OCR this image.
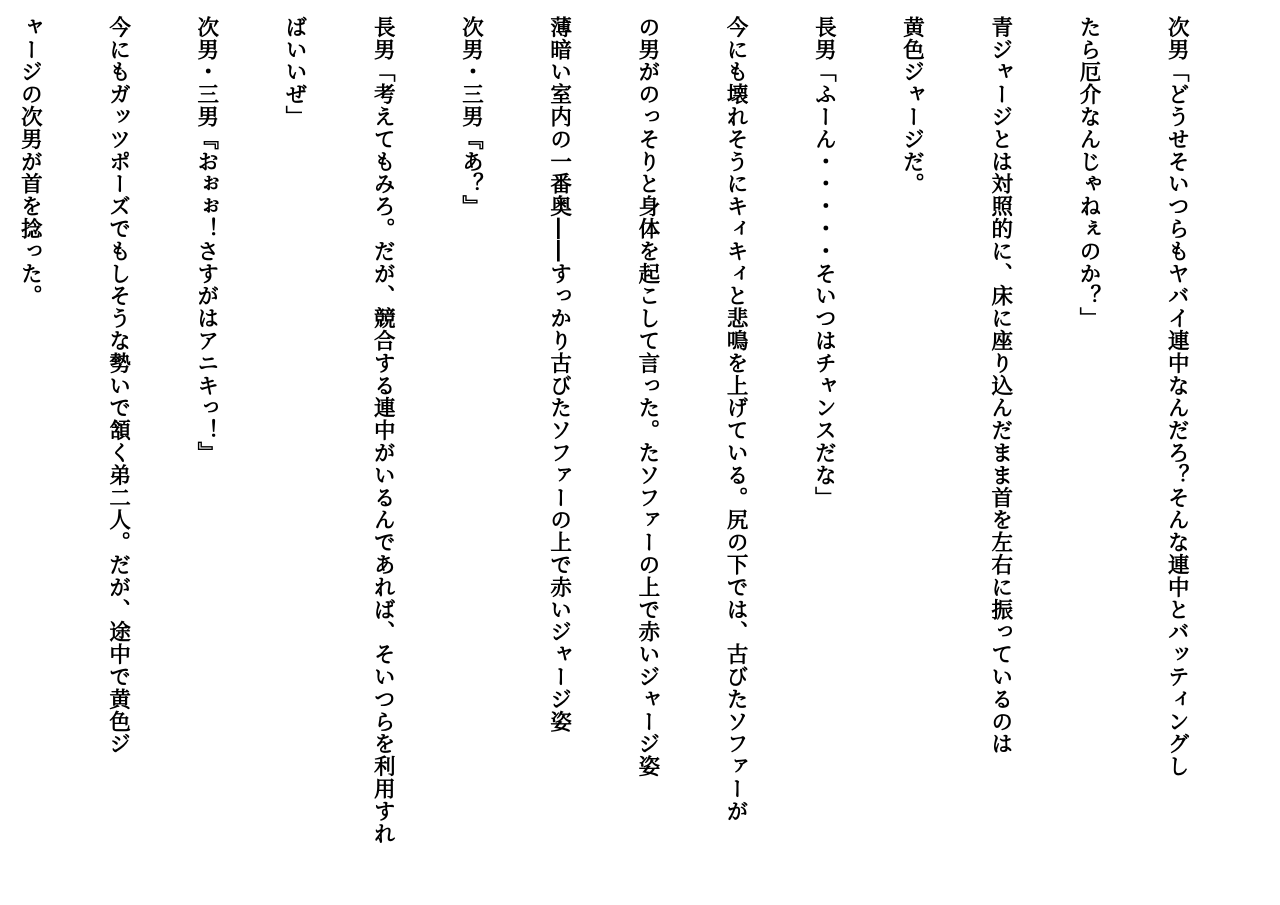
次男「どうせそいつらもヤバイ連中なんだろ？そんな連中とバッティングし

たら厄介なんじゃねぇのか？」

青ジャージとは対照的に、床に座り込んだまま首を左右に振っているのは

黄色ジャージだ。

長男「ふーん・・・・・そいつはチャンスだな」

今にも壊れそうにキィキィと悲鳴を上げている。尻の下では、古びたソファーが

の男がのっそりと身体を起こして言った。たソファーの上で赤いジャージ姿

薄暗い室内の一番奥――すっかり古びたソファーの上で赤いジャージ姿

次男・三男『あ？』

長男「考えてもみろ。だが、競合する連中がいるんであれば、そいつらを利用すれ

ばいいぜ」

次男・三男『おぉぉ！さすがはアニキっ！』

今にもガッツポーズでもしそうな勢いで頷く弟二人。だが、途中で黄色ジ

ャージの次男が首を捻った。
